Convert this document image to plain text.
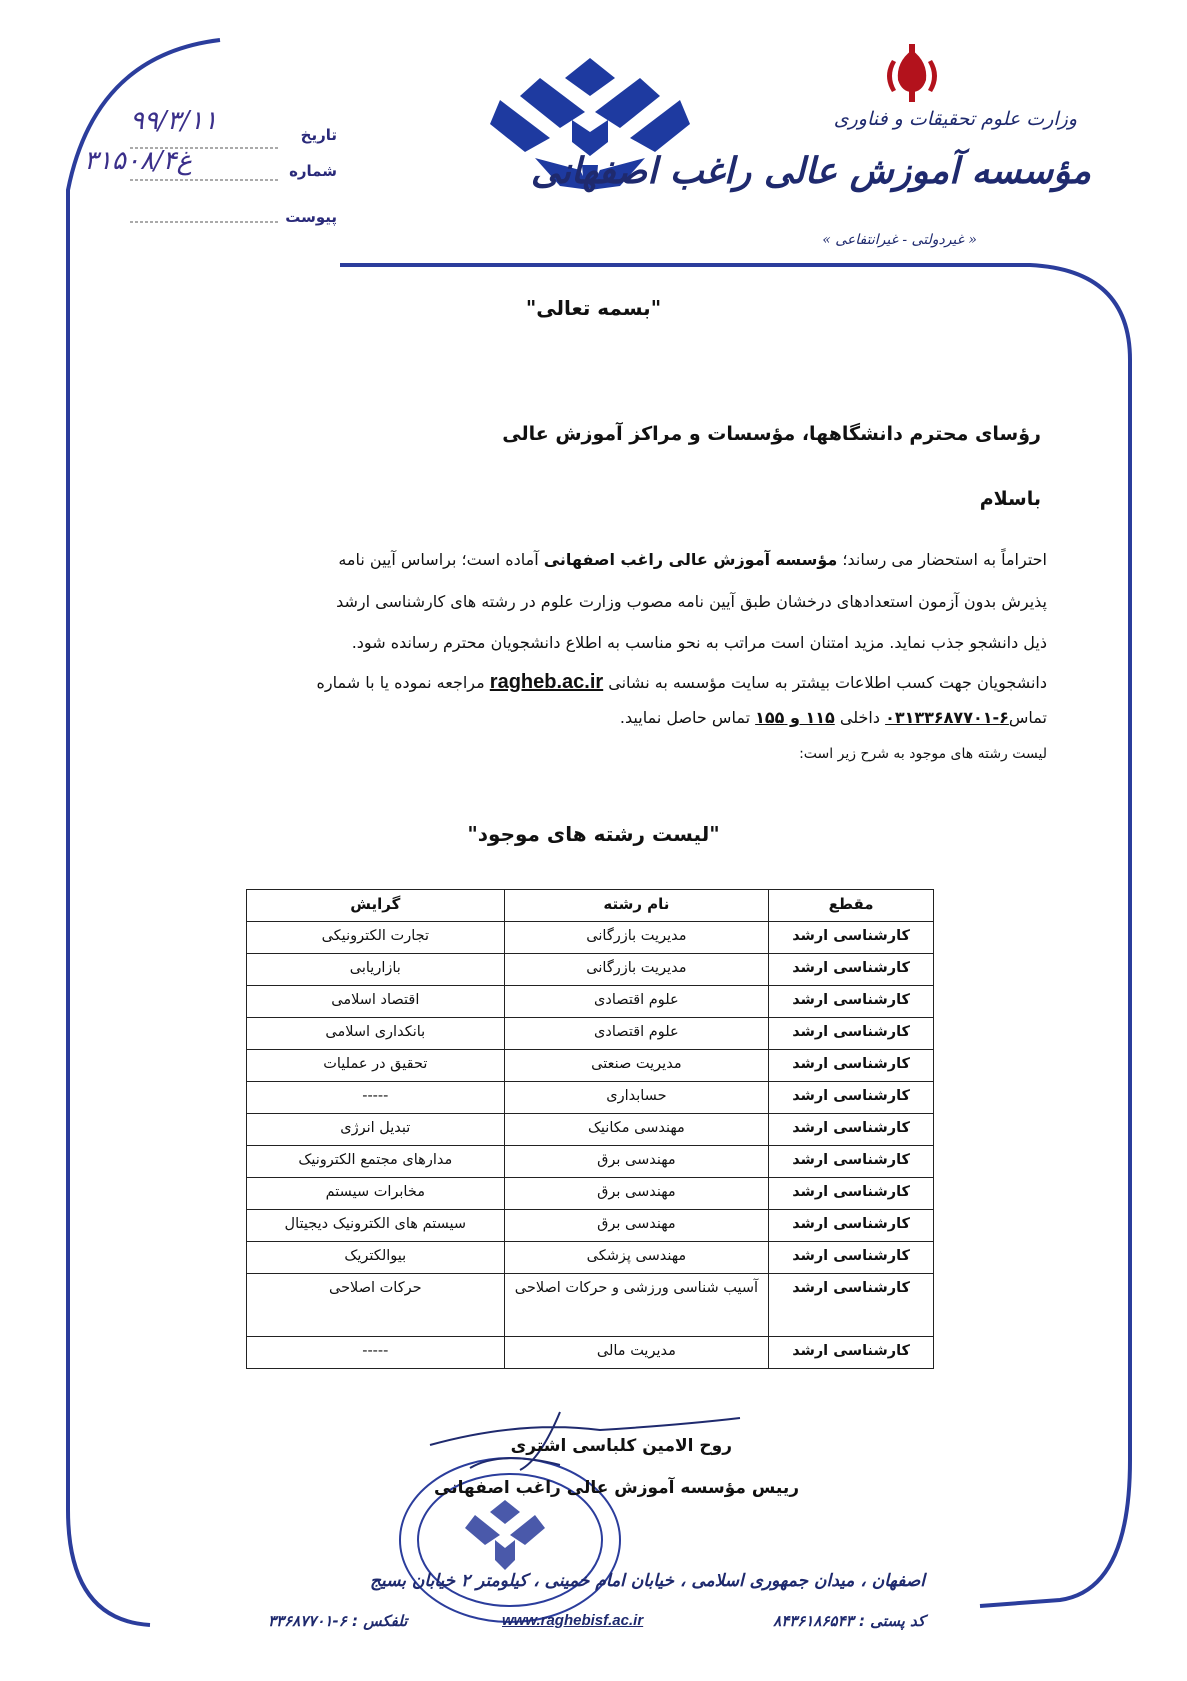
تاریخ
۹۹/۳/۱۱
شماره
۳۱۵۰۸/۴غ
پیوست
وزارت علوم تحقیقات و فناوری
مؤسسه آموزش عالی راغب اصفهانی
« غیردولتی - غیرانتفاعی »
"بسمه تعالی"
رؤسای محترم دانشگاهها، مؤسسات و مراکز آموزش عالی
باسلام
احتراماً به استحضار می رساند؛ مؤسسه آموزش عالی راغب اصفهانی آماده است؛ براساس آیین نامه
پذیرش بدون آزمون استعدادهای درخشان طبق آیین نامه مصوب وزارت علوم در رشته های کارشناسی ارشد
ذیل دانشجو جذب نماید. مزید امتنان است مراتب به نحو مناسب به اطلاع دانشجویان محترم رسانده شود.
دانشجویان جهت کسب اطلاعات بیشتر به سایت مؤسسه به نشانی ragheb.ac.ir مراجعه نموده یا با شماره
تماس۶-۰۳۱۳۳۶۸۷۷۰۱ داخلی ۱۱۵ و ۱۵۵ تماس حاصل نمایید.
لیست رشته های موجود به شرح زیر است:
"لیست رشته های موجود"
مقطع	نام رشته	گرایش
کارشناسی ارشد	مدیریت بازرگانی	تجارت الکترونیکی
کارشناسی ارشد	مدیریت بازرگانی	بازاریابی
کارشناسی ارشد	علوم اقتصادی	اقتصاد اسلامی
کارشناسی ارشد	علوم اقتصادی	بانکداری اسلامی
کارشناسی ارشد	مدیریت صنعتی	تحقیق در عملیات
کارشناسی ارشد	حسابداری	-----
کارشناسی ارشد	مهندسی مکانیک	تبدیل انرژی
کارشناسی ارشد	مهندسی برق	مدارهای مجتمع الکترونیک
کارشناسی ارشد	مهندسی برق	مخابرات سیستم
کارشناسی ارشد	مهندسی برق	سیستم های الکترونیک دیجیتال
کارشناسی ارشد	مهندسی پزشکی	بیوالکتریک
کارشناسی ارشد	آسیب شناسی ورزشی و حرکات اصلاحی	حرکات اصلاحی
کارشناسی ارشد	مدیریت مالی	-----
روح الامین کلباسی اشتری
رییس مؤسسه آموزش عالی راغب اصفهانی
اصفهان ، میدان جمهوری اسلامی ، خیابان امام خمینی ، کیلومتر ۲ خیابان بسیج
کد پستی : ۸۴۳۶۱۸۶۵۴۳
www.raghebisf.ac.ir
تلفکس : ۶-۳۳۶۸۷۷۰۱
